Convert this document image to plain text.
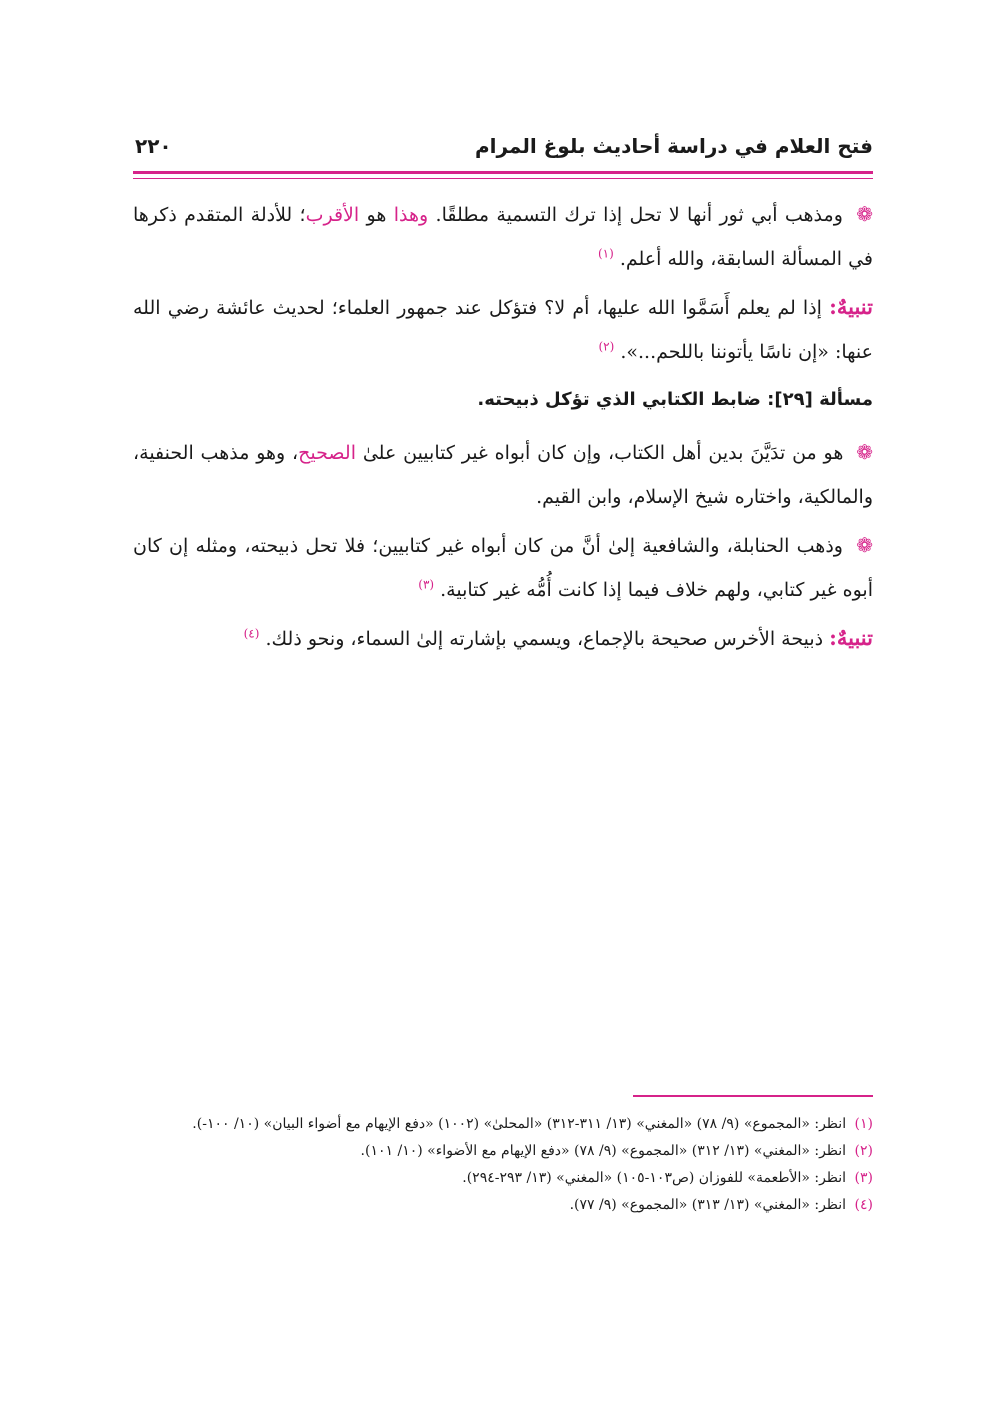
فتح العلام في دراسة أحاديث بلوغ المرام
٢٢٠

❁ ومذهب أبي ثور أنها لا تحل إذا ترك التسمية مطلقًا. وهذا هو الأقرب؛ للأدلة المتقدم ذكرها في المسألة السابقة، والله أعلم. $^{(١)}$

تنبيهٌ: إذا لم يعلم أَسَمَّوا الله عليها، أم لا؟ فتؤكل عند جمهور العلماء؛ لحديث عائشة رضي الله عنها: «إن ناسًا يأتوننا باللحم...». $^{(٢)}$

مسألة [٢٩]: ضابط الكتابي الذي تؤكل ذبيحته.

❁ هو من تدَيَّنَ بدين أهل الكتاب، وإن كان أبواه غير كتابيين علىٰ الصحيح، وهو مذهب الحنفية، والمالكية، واختاره شيخ الإسلام، وابن القيم.

❁ وذهب الحنابلة، والشافعية إلىٰ أنَّ من كان أبواه غير كتابيين؛ فلا تحل ذبيحته، ومثله إن كان أبوه غير كتابي، ولهم خلاف فيما إذا كانت أُمُّه غير كتابية. $^{(٣)}$

تنبيهٌ: ذبيحة الأخرس صحيحة بالإجماع، ويسمي بإشارته إلىٰ السماء، ونحو ذلك. $^{(٤)}$

(١) انظر: «المجموع» (٩/ ٧٨) «المغني» (١٣/ ٣١١-٣١٢) «المحلىٰ» (١٠٠٢) «دفع الإيهام مع أضواء البيان» (١٠/ ١٠٠-).

(٢) انظر: «المغني» (١٣/ ٣١٢) «المجموع» (٩/ ٧٨) «دفع الإيهام مع الأضواء» (١٠/ ١٠١).

(٣) انظر: «الأطعمة» للفوزان (ص١٠٣-١٠٥) «المغني» (١٣/ ٢٩٣-٢٩٤).

(٤) انظر: «المغني» (١٣/ ٣١٣) «المجموع» (٩/ ٧٧).
